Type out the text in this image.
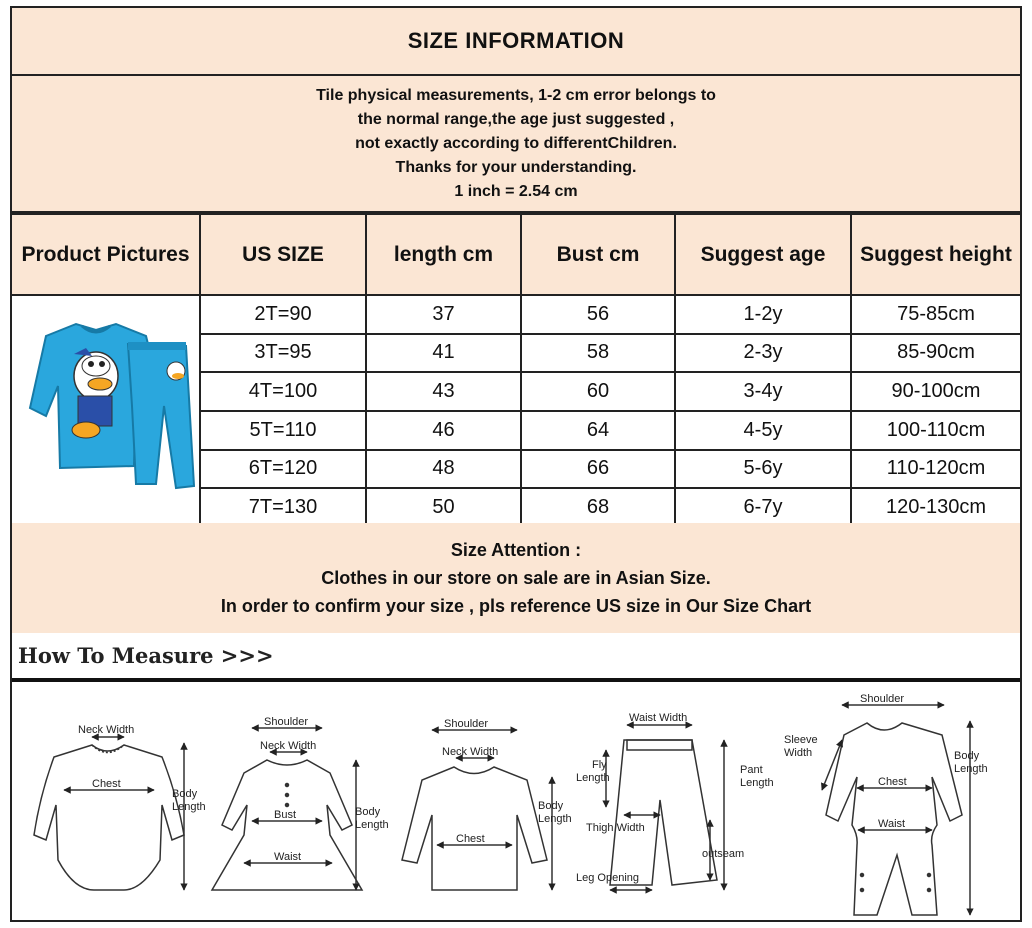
SIZE INFORMATION
Tile physical measurements, 1-2 cm error belongs to
the normal range,the age just suggested ,
not exactly according to differentChildren.
Thanks for your understanding.
1 inch = 2.54 cm
Product Pictures	US SIZE	length cm	Bust cm	Suggest age	Suggest height
	2T=90	37	56	1-2y	75-85cm
	3T=95	41	58	2-3y	85-90cm
	4T=100	43	60	3-4y	90-100cm
	5T=110	46	64	4-5y	100-110cm
	6T=120	48	66	5-6y	110-120cm
	7T=130	50	68	6-7y	120-130cm
Size Attention :
Clothes in our store on sale are in Asian Size.
In order to confirm your size , pls reference US size in Our Size Chart
How To Measure >>>
Neck Width
Chest
Body
Length
Shoulder
Neck Width
Bust
Waist
Body
Length
Shoulder
Neck Width
Chest
Body
Length
Waist Width
Fly
Length
Thigh Width
Pant
Length
outseam
Leg Opening
Shoulder
Sleeve
Width
Chest
Waist
Body
Length
